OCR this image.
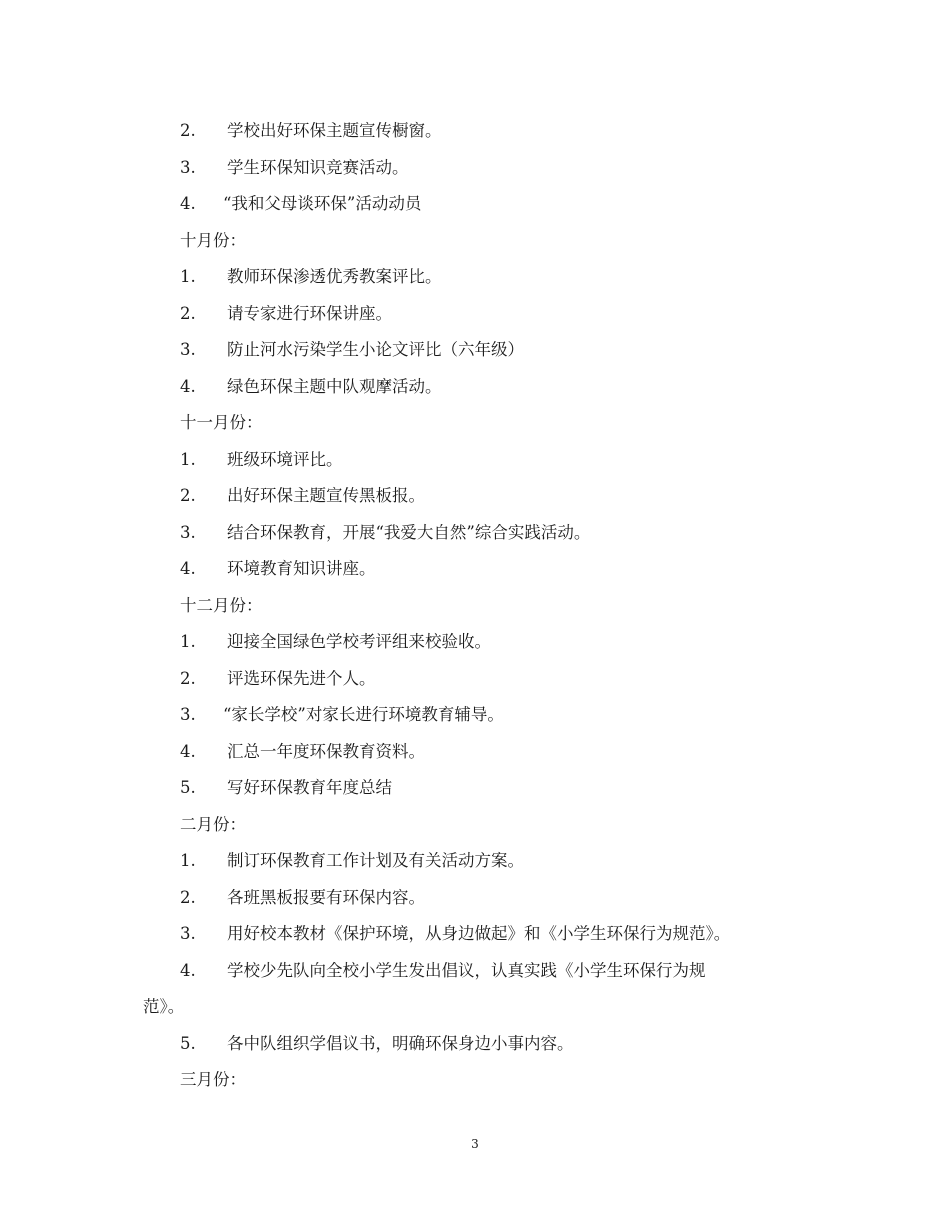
2.	学校出好环保主题宣传橱窗。
3.	学生环保知识竞赛活动。
4.	“我和父母谈环保”活动动员
十月份：
1.	教师环保渗透优秀教案评比。
2.	请专家进行环保讲座。
3.	防止河水污染学生小论文评比（六年级）
4.	绿色环保主题中队观摩活动。
十一月份：
1.	班级环境评比。
2.	出好环保主题宣传黑板报。
3.	结合环保教育，开展“我爱大自然”综合实践活动。
4.	环境教育知识讲座。
十二月份：
1.	迎接全国绿色学校考评组来校验收。
2.	评选环保先进个人。
3.	“家长学校”对家长进行环境教育辅导。
4.	汇总一年度环保教育资料。
5.	写好环保教育年度总结
二月份：
1.	制订环保教育工作计划及有关活动方案。
2.	各班黑板报要有环保内容。
3.	用好校本教材《保护环境，从身边做起》和《小学生环保行为规范》。
4.	学校少先队向全校小学生发出倡议，认真实践《小学生环保行为规
范》。
5.	各中队组织学倡议书，明确环保身边小事内容。
三月份：
3
